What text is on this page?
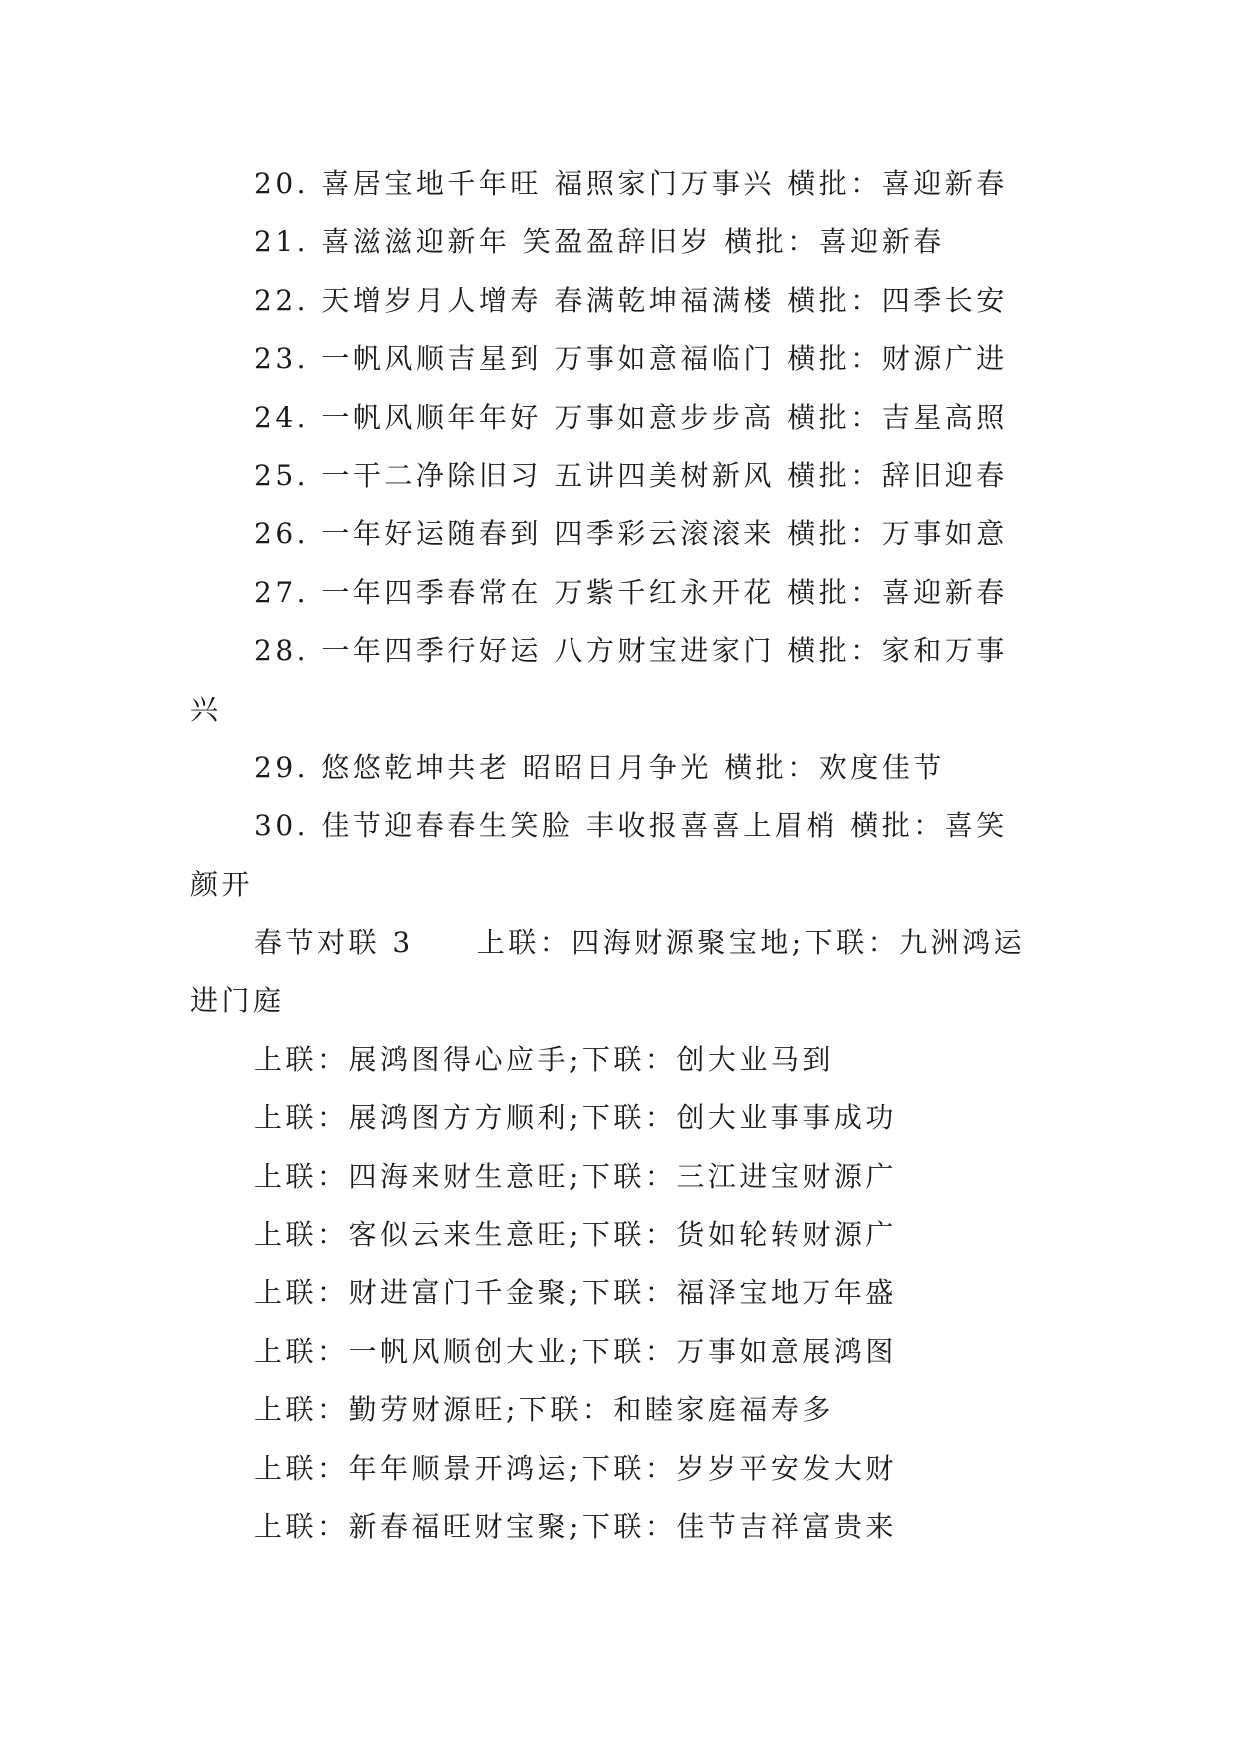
20. 喜居宝地千年旺 福照家门万事兴 横批：喜迎新春
21. 喜滋滋迎新年 笑盈盈辞旧岁 横批：喜迎新春
22. 天增岁月人增寿 春满乾坤福满楼 横批：四季长安
23. 一帆风顺吉星到 万事如意福临门 横批：财源广进
24. 一帆风顺年年好 万事如意步步高 横批：吉星高照
25. 一干二净除旧习 五讲四美树新风 横批：辞旧迎春
26. 一年好运随春到 四季彩云滚滚来 横批：万事如意
27. 一年四季春常在 万紫千红永开花 横批：喜迎新春
28. 一年四季行好运 八方财宝进家门 横批：家和万事
兴
29. 悠悠乾坤共老 昭昭日月争光 横批：欢度佳节
30. 佳节迎春春生笑脸 丰收报喜喜上眉梢 横批：喜笑
颜开
春节对联 3　　上联：四海财源聚宝地;下联：九洲鸿运
进门庭
上联：展鸿图得心应手;下联：创大业马到
上联：展鸿图方方顺利;下联：创大业事事成功
上联：四海来财生意旺;下联：三江进宝财源广
上联：客似云来生意旺;下联：货如轮转财源广
上联：财进富门千金聚;下联：福泽宝地万年盛
上联：一帆风顺创大业;下联：万事如意展鸿图
上联：勤劳财源旺;下联：和睦家庭福寿多
上联：年年顺景开鸿运;下联：岁岁平安发大财
上联：新春福旺财宝聚;下联：佳节吉祥富贵来
